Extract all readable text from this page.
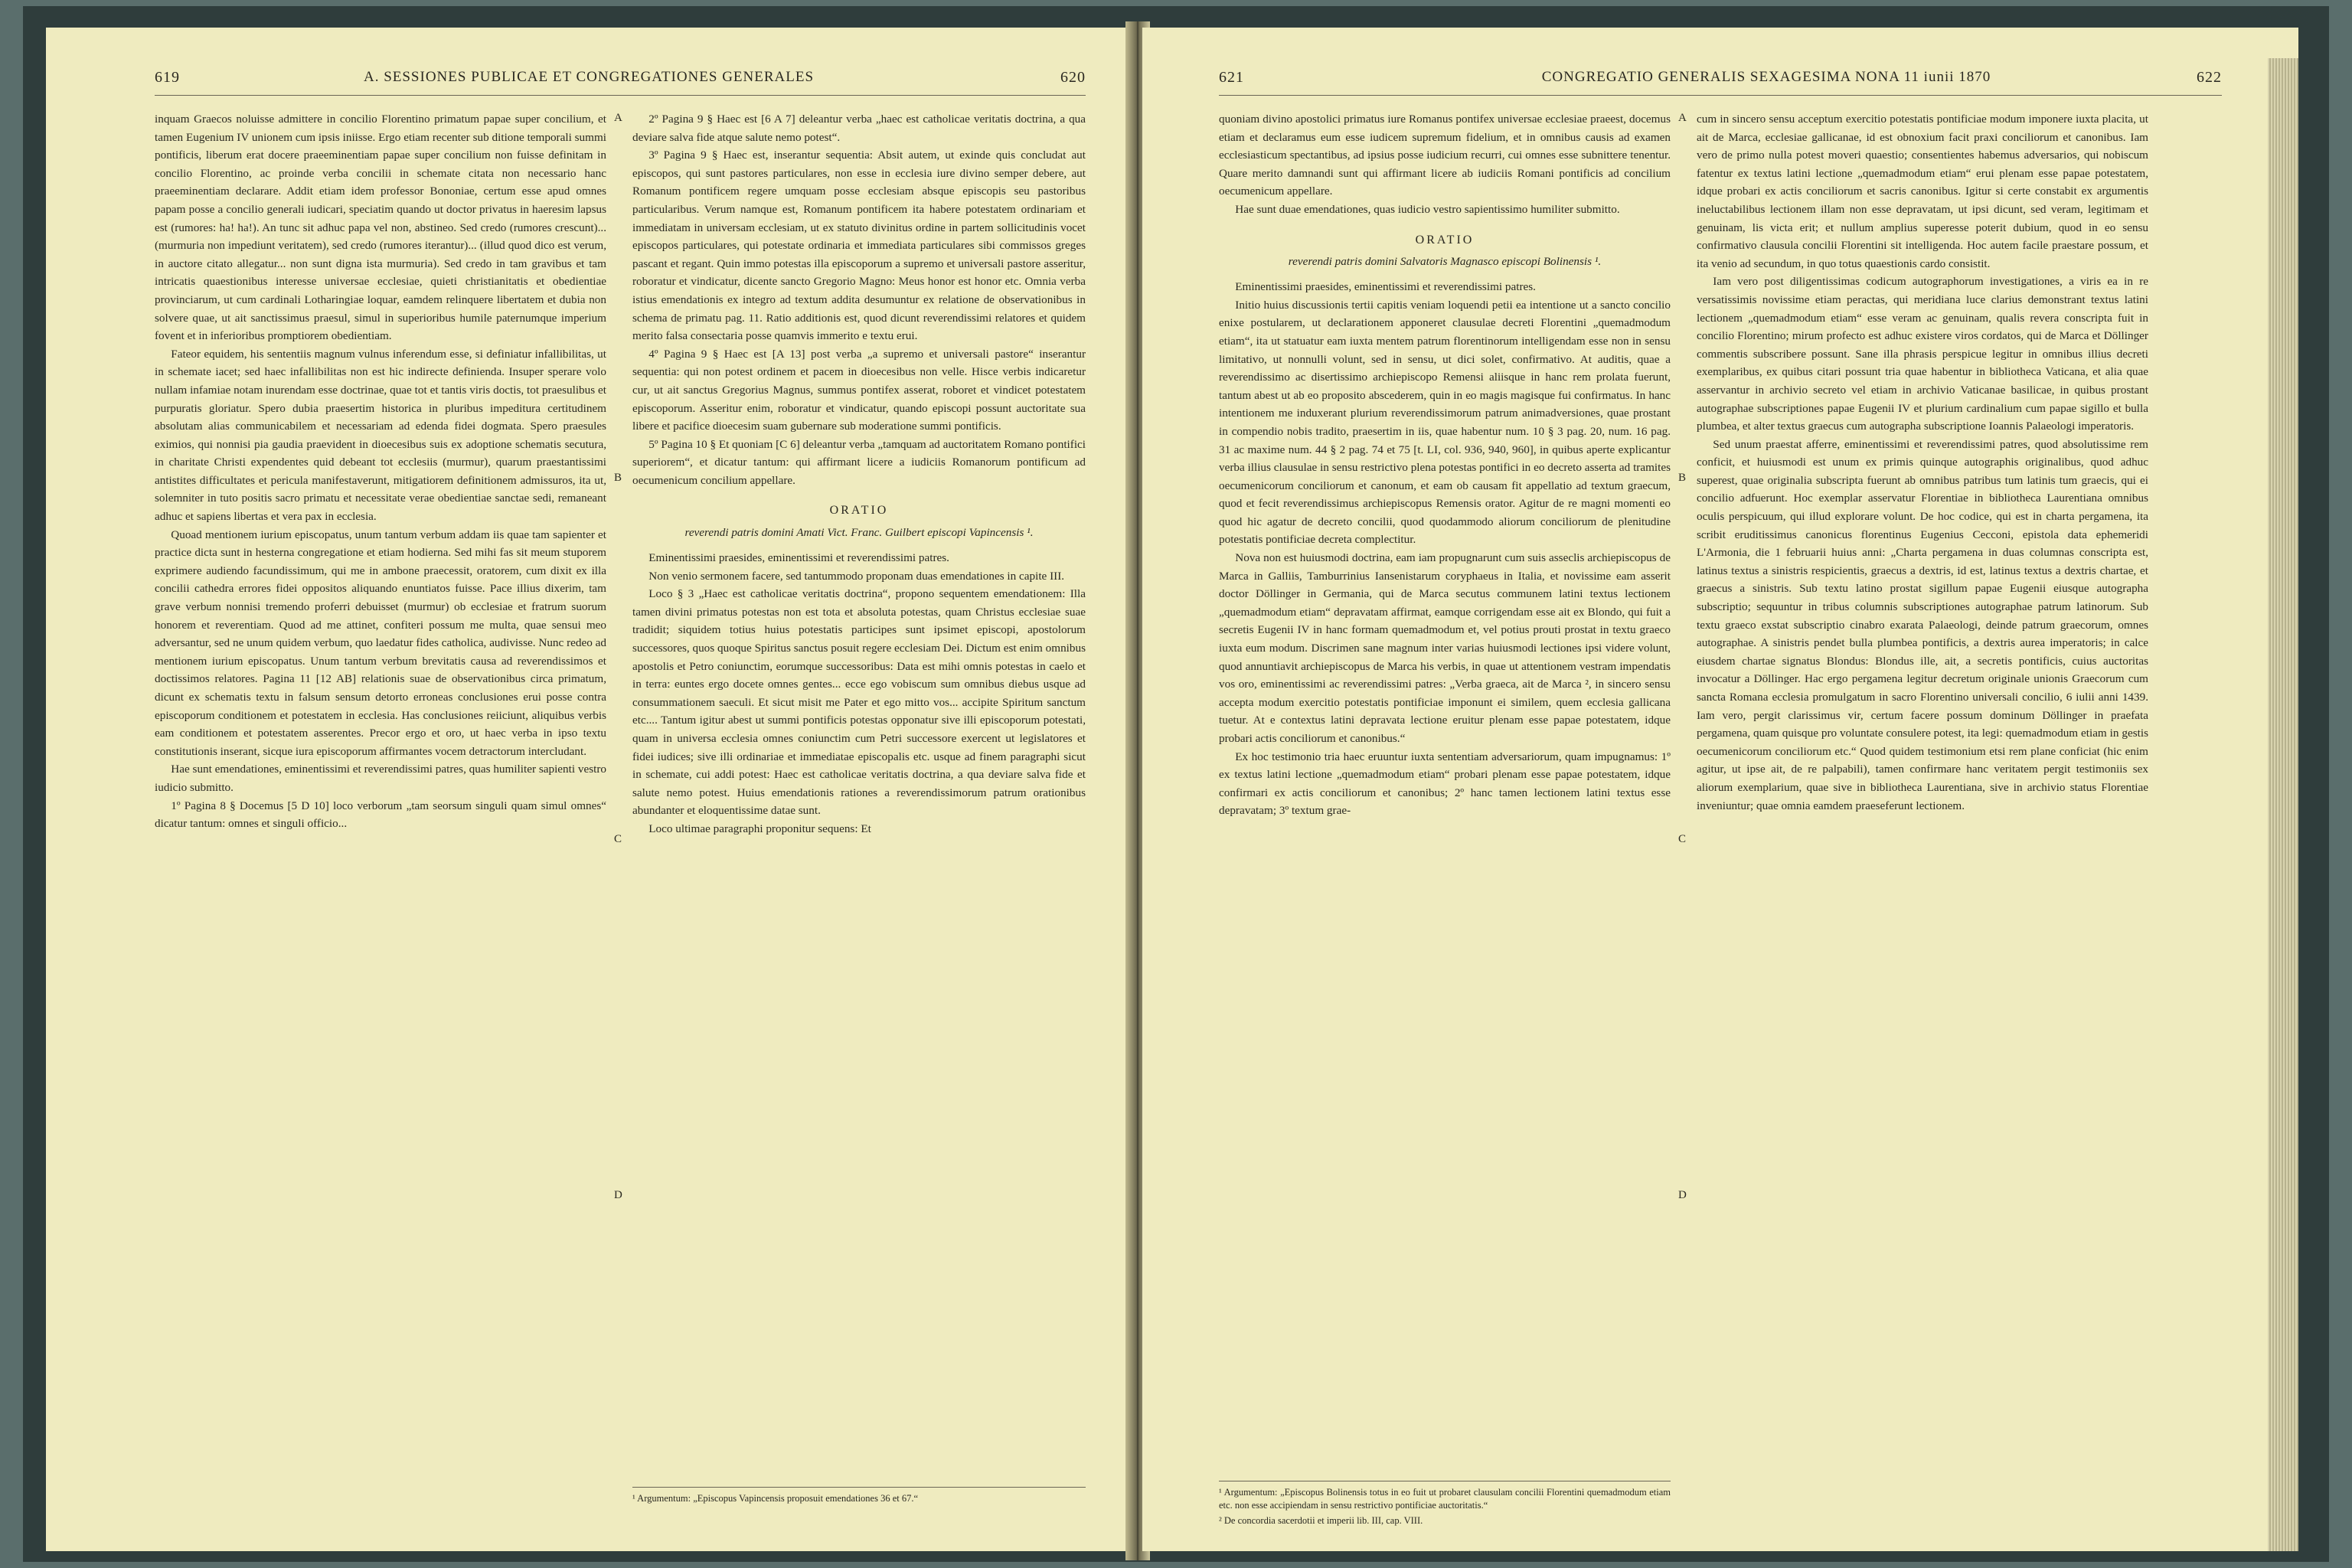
619	A. SESSIONES PUBLICAE ET CONGREGATIONES GENERALES	620

inquam Graecos noluisse admittere in concilio Florentino primatum papae super concilium, et tamen Eugenium IV unionem cum ipsis iniisse. Ergo etiam recenter sub ditione temporali summi pontificis, liberum erat docere praeeminentiam papae super concilium non fuisse definitam in concilio Florentino, ac proinde verba concilii in schemate citata non necessario hanc praeeminentiam declarare. Addit etiam idem professor Bononiae, certum esse apud omnes papam posse a concilio generali iudicari, speciatim quando ut doctor privatus in haeresim lapsus est (rumores: ha! ha!). An tunc sit adhuc papa vel non, abstineo. Sed credo (rumores crescunt)... (murmuria non impediunt veritatem), sed credo (rumores iterantur)... (illud quod dico est verum, in auctore citato allegatur... non sunt digna ista murmuria). Sed credo in tam gravibus et tam intricatis quaestionibus interesse universae ecclesiae, quieti christianitatis et obedientiae provinciarum, ut cum cardinali Lotharingiae loquar, eamdem relinquere libertatem et dubia non solvere quae, ut ait sanctissimus praesul, simul in superioribus humile paternumque imperium fovent et in inferioribus promptiorem obedientiam.

Fateor equidem, his sententiis magnum vulnus inferendum esse, si definiatur infallibilitas, ut in schemate iacet; sed haec infallibilitas non est hic indirecte definienda. Insuper sperare volo nullam infamiae notam inurendam esse doctrinae, quae tot et tantis viris doctis, tot praesulibus et purpuratis gloriatur. Spero dubia praesertim historica in pluribus impeditura certitudinem absolutam alias communicabilem et necessariam ad edenda fidei dogmata. Spero praesules eximios, qui nonnisi pia gaudia praevident in dioecesibus suis ex adoptione schematis secutura, in charitate Christi expendentes quid debeant tot ecclesiis (murmur), quarum praestantissimi antistites difficultates et pericula manifestaverunt, mitigatiorem definitionem admissuros, ita ut, solemniter in tuto positis sacro primatu et necessitate verae obedientiae sanctae sedi, remaneant adhuc et sapiens libertas et vera pax in ecclesia.

Quoad mentionem iurium episcopatus, unum tantum verbum addam iis quae tam sapienter et practice dicta sunt in hesterna congregatione et etiam hodierna. Sed mihi fas sit meum stuporem exprimere audiendo facundissimum, qui me in ambone praecessit, oratorem, cum dixit ex illa concilii cathedra errores fidei oppositos aliquando enuntiatos fuisse. Pace illius dixerim, tam grave verbum nonnisi tremendo proferri debuisset (murmur) ob ecclesiae et fratrum suorum honorem et reverentiam. Quod ad me attinet, confiteri possum me multa, quae sensui meo adversantur, sed ne unum quidem verbum, quo laedatur fides catholica, audivisse. Nunc redeo ad mentionem iurium episcopatus. Unum tantum verbum brevitatis causa ad reverendissimos et doctissimos relatores. Pagina 11 [12 AB] relationis suae de observationibus circa primatum, dicunt ex schematis textu in falsum sensum detorto erroneas conclusiones erui posse contra episcoporum conditionem et potestatem in ecclesia. Has conclusiones reiiciunt, aliquibus verbis eam conditionem et potestatem asserentes. Precor ergo et oro, ut haec verba in ipso textu constitutionis inserant, sicque iura episcoporum affirmantes vocem detractorum intercludant.

Hae sunt emendationes, eminentissimi et reverendissimi patres, quas humiliter sapienti vestro iudicio submitto.

1º Pagina 8 § Docemus [5 D 10] loco verborum „tam seorsum singuli quam simul omnes“ dicatur tantum: omnes et singuli officio...

2º Pagina 9 § Haec est [6 A 7] deleantur verba „haec est catholicae veritatis doctrina, a qua deviare salva fide atque salute nemo potest“.

3º Pagina 9 § Haec est, inserantur sequentia: Absit autem, ut exinde quis concludat aut episcopos, qui sunt pastores particulares, non esse in ecclesia iure divino semper debere, aut Romanum pontificem regere umquam posse ecclesiam absque episcopis seu pastoribus particularibus. Verum namque est, Romanum pontificem ita habere potestatem ordinariam et immediatam in universam ecclesiam, ut ex statuto divinitus ordine in partem sollicitudinis vocet episcopos particulares, qui potestate ordinaria et immediata particulares sibi commissos greges pascant et regant. Quin immo potestas illa episcoporum a supremo et universali pastore asseritur, roboratur et vindicatur, dicente sancto Gregorio Magno: Meus honor est honor etc. Omnia verba istius emendationis ex integro ad textum addita desumuntur ex relatione de observationibus in schema de primatu pag. 11. Ratio additionis est, quod dicunt reverendissimi relatores et quidem merito falsa consectaria posse quamvis immerito e textu erui.

4º Pagina 9 § Haec est [A 13] post verba „a supremo et universali pastore“ inserantur sequentia: qui non potest ordinem et pacem in dioecesibus non velle. Hisce verbis indicaretur cur, ut ait sanctus Gregorius Magnus, summus pontifex asserat, roboret et vindicet potestatem episcoporum. Asseritur enim, roboratur et vindicatur, quando episcopi possunt auctoritate sua libere et pacifice dioecesim suam gubernare sub moderatione summi pontificis.

5º Pagina 10 § Et quoniam [C 6] deleantur verba „tamquam ad auctoritatem Romano pontifici superiorem“, et dicatur tantum: qui affirmant licere a iudiciis Romanorum pontificum ad oecumenicum concilium appellare.

ORATIO
reverendi patris domini Amati Vict. Franc. Guilbert episcopi Vapincensis ¹.

Eminentissimi praesides, eminentissimi et reverendissimi patres.

Non venio sermonem facere, sed tantummodo proponam duas emendationes in capite III.

Loco § 3 „Haec est catholicae veritatis doctrina“, propono sequentem emendationem: Illa tamen divini primatus potestas non est tota et absoluta potestas, quam Christus ecclesiae suae tradidit; siquidem totius huius potestatis participes sunt ipsimet episcopi, apostolorum successores, quos quoque Spiritus sanctus posuit regere ecclesiam Dei. Dictum est enim omnibus apostolis et Petro coniunctim, eorumque successoribus: Data est mihi omnis potestas in caelo et in terra: euntes ergo docete omnes gentes... ecce ego vobiscum sum omnibus diebus usque ad consummationem saeculi. Et sicut misit me Pater et ego mitto vos... accipite Spiritum sanctum etc.... Tantum igitur abest ut summi pontificis potestas opponatur sive illi episcoporum potestati, quam in universa ecclesia omnes coniunctim cum Petri successore exercent ut legislatores et fidei iudices; sive illi ordinariae et immediatae episcopalis etc. usque ad finem paragraphi sicut in schemate, cui addi potest: Haec est catholicae veritatis doctrina, a qua deviare salva fide et salute nemo potest. Huius emendationis rationes a reverendissimorum patrum orationibus abundanter et eloquentissime datae sunt.

Loco ultimae paragraphi proponitur sequens: Et

¹ Argumentum: „Episcopus Vapincensis proposuit emendationes 36 et 67.“

A
B
C
D
621	CONGREGATIO GENERALIS SEXAGESIMA NONA 11 iunii 1870	622

quoniam divino apostolici primatus iure Romanus pontifex universae ecclesiae praeest, docemus etiam et declaramus eum esse iudicem supremum fidelium, et in omnibus causis ad examen ecclesiasticum spectantibus, ad ipsius posse iudicium recurri, cui omnes esse subnittere tenentur. Quare merito damnandi sunt qui affirmant licere ab iudiciis Romani pontificis ad concilium oecumenicum appellare.

Hae sunt duae emendationes, quas iudicio vestro sapientissimo humiliter submitto.

ORATIO
reverendi patris domini Salvatoris Magnasco episcopi Bolinensis ¹.

Eminentissimi praesides, eminentissimi et reverendissimi patres.

Initio huius discussionis tertii capitis veniam loquendi petii ea intentione ut a sancto concilio enixe postularem, ut declarationem apponeret clausulae decreti Florentini „quemadmodum etiam“, ita ut statuatur eam iuxta mentem patrum florentinorum intelligendam esse non in sensu limitativo, ut nonnulli volunt, sed in sensu, ut dici solet, confirmativo. At auditis, quae a reverendissimo ac disertissimo archiepiscopo Remensi aliisque in hanc rem prolata fuerunt, tantum abest ut ab eo proposito abscederem, quin in eo magis magisque fui confirmatus. In hanc intentionem me induxerant plurium reverendissimorum patrum animadversiones, quae prostant in compendio nobis tradito, praesertim in iis, quae habentur num. 10 § 3 pag. 20, num. 16 pag. 31 ac maxime num. 44 § 2 pag. 74 et 75 [t. LI, col. 936, 940, 960], in quibus aperte explicantur verba illius clausulae in sensu restrictivo plena potestas pontifici in eo decreto asserta ad tramites oecumenicorum conciliorum et canonum, et eam ob causam fit appellatio ad textum graecum, quod et fecit reverendissimus archiepiscopus Remensis orator. Agitur de re magni momenti eo quod hic agatur de decreto concilii, quod quodammodo aliorum conciliorum de plenitudine potestatis pontificiae decreta complectitur.

Nova non est huiusmodi doctrina, eam iam propugnarunt cum suis asseclis archiepiscopus de Marca in Galliis, Tamburrinius Iansenistarum coryphaeus in Italia, et novissime eam asserit doctor Döllinger in Germania, qui de Marca secutus communem latini textus lectionem „quemadmodum etiam“ depravatam affirmat, eamque corrigendam esse ait ex Blondo, qui fuit a secretis Eugenii IV in hanc formam quemadmodum et, vel potius prouti prostat in textu graeco iuxta eum modum. Discrimen sane magnum inter varias huiusmodi lectiones ipsi videre volunt, quod annuntiavit archiepiscopus de Marca his verbis, in quae ut attentionem vestram impendatis vos oro, eminentissimi ac reverendissimi patres: „Verba graeca, ait de Marca ², in sincero sensu accepta modum exercitio potestatis pontificiae imponunt ei similem, quem ecclesia gallicana tuetur. At e contextus latini depravata lectione eruitur plenam esse papae potestatem, idque probari actis conciliorum et canonibus.“

Ex hoc testimonio tria haec eruuntur iuxta sententiam adversariorum, quam impugnamus: 1º ex textus latini lectione „quemadmodum etiam“ probari plenam esse papae potestatem, idque confirmari ex actis conciliorum et canonibus; 2º hanc tamen lectionem latini textus esse depravatam; 3º textum grae-

¹ Argumentum: „Episcopus Bolinensis totus in eo fuit ut probaret clausulam concilii Florentini quemadmodum etiam etc. non esse accipiendam in sensu restrictivo pontificiae auctoritatis.“

² De concordia sacerdotii et imperii lib. III, cap. VIII.

cum in sincero sensu acceptum exercitio potestatis pontificiae modum imponere iuxta placita, ut ait de Marca, ecclesiae gallicanae, id est obnoxium facit praxi conciliorum et canonibus. Iam vero de primo nulla potest moveri quaestio; consentientes habemus adversarios, qui nobiscum fatentur ex textus latini lectione „quemadmodum etiam“ erui plenam esse papae potestatem, idque probari ex actis conciliorum et sacris canonibus. Igitur si certe constabit ex argumentis ineluctabilibus lectionem illam non esse depravatam, ut ipsi dicunt, sed veram, legitimam et genuinam, lis victa erit; et nullum amplius superesse poterit dubium, quod in eo sensu confirmativo clausula concilii Florentini sit intelligenda. Hoc autem facile praestare possum, et ita venio ad secundum, in quo totus quaestionis cardo consistit.

Iam vero post diligentissimas codicum autographorum investigationes, a viris ea in re versatissimis novissime etiam peractas, qui meridiana luce clarius demonstrant textus latini lectionem „quemadmodum etiam“ esse veram ac genuinam, qualis revera conscripta fuit in concilio Florentino; mirum profecto est adhuc existere viros cordatos, qui de Marca et Döllinger commentis subscribere possunt. Sane illa phrasis perspicue legitur in omnibus illius decreti exemplaribus, ex quibus citari possunt tria quae habentur in bibliotheca Vaticana, et alia quae asservantur in archivio secreto vel etiam in archivio Vaticanae basilicae, in quibus prostant autographae subscriptiones papae Eugenii IV et plurium cardinalium cum papae sigillo et bulla plumbea, et alter textus graecus cum autographa subscriptione Ioannis Palaeologi imperatoris.

Sed unum praestat afferre, eminentissimi et reverendissimi patres, quod absolutissime rem conficit, et huiusmodi est unum ex primis quinque autographis originalibus, quod adhuc superest, quae originalia subscripta fuerunt ab omnibus patribus tum latinis tum graecis, qui ei concilio adfuerunt. Hoc exemplar asservatur Florentiae in bibliotheca Laurentiana omnibus oculis perspicuum, qui illud explorare volunt. De hoc codice, qui est in charta pergamena, ita scribit eruditissimus canonicus florentinus Eugenius Cecconi, epistola data ephemeridi L'Armonia, die 1 februarii huius anni: „Charta pergamena in duas columnas conscripta est, latinus textus a sinistris respicientis, graecus a dextris, id est, latinus textus a dextris chartae, et graecus a sinistris. Sub textu latino prostat sigillum papae Eugenii eiusque autographa subscriptio; sequuntur in tribus columnis subscriptiones autographae patrum latinorum. Sub textu graeco exstat subscriptio cinabro exarata Palaeologi, deinde patrum graecorum, omnes autographae. A sinistris pendet bulla plumbea pontificis, a dextris aurea imperatoris; in calce eiusdem chartae signatus Blondus: Blondus ille, ait, a secretis pontificis, cuius auctoritas invocatur a Döllinger. Hac ergo pergamena legitur decretum originale unionis Graecorum cum sancta Romana ecclesia promulgatum in sacro Florentino universali concilio, 6 iulii anni 1439. Iam vero, pergit clarissimus vir, certum facere possum dominum Döllinger in praefata pergamena, quam quisque pro voluntate consulere potest, ita legi: quemadmodum etiam in gestis oecumenicorum conciliorum etc.“ Quod quidem testimonium etsi rem plane conficiat (hic enim agitur, ut ipse ait, de re palpabili), tamen confirmare hanc veritatem pergit testimoniis sex aliorum exemplarium, quae sive in bibliotheca Laurentiana, sive in archivio status Florentiae inveniuntur; quae omnia eamdem praeseferunt lectionem.

A
B
C
D
